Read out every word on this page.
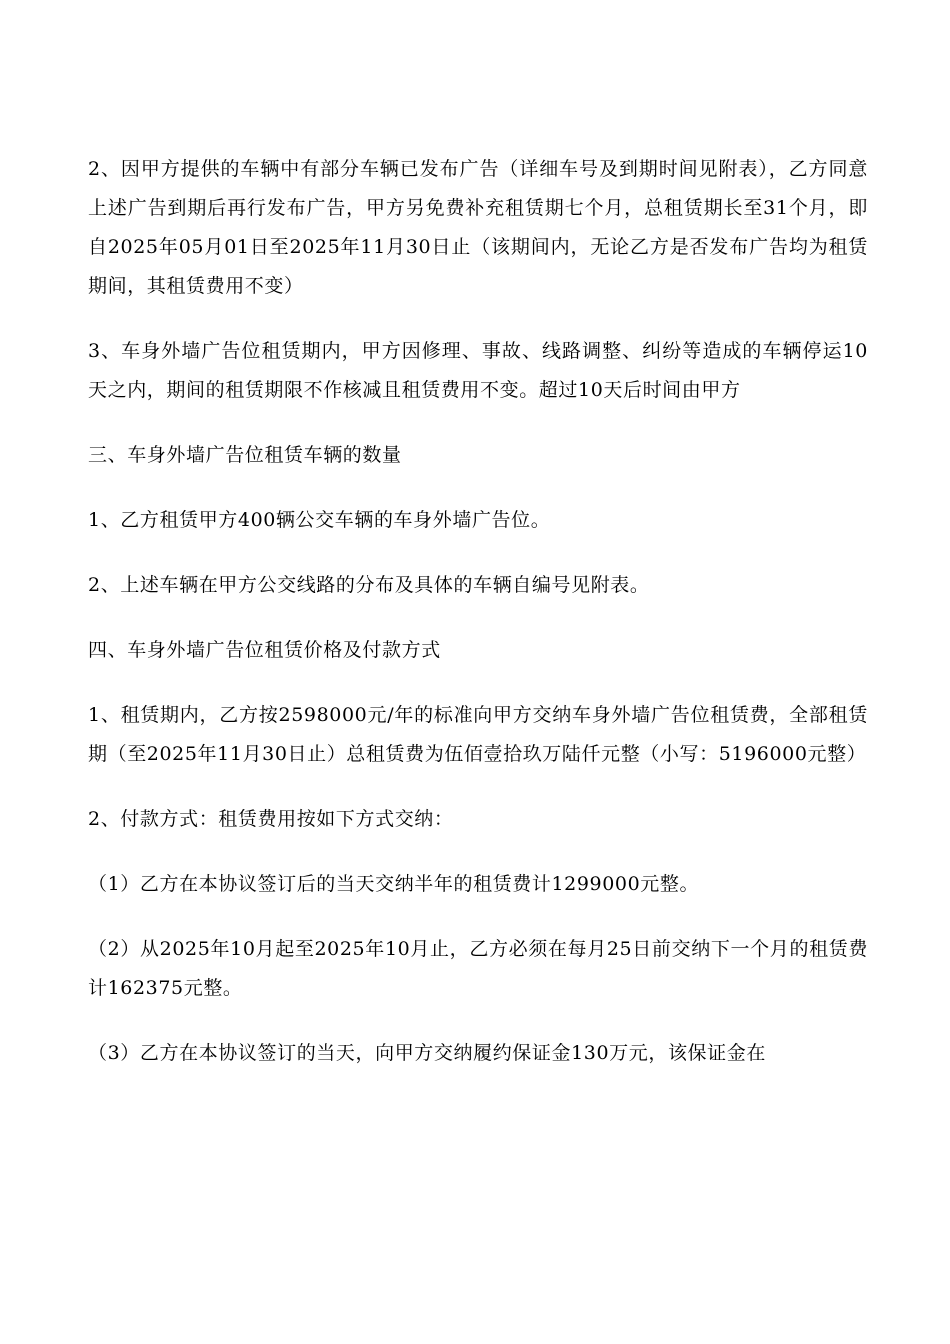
2、因甲方提供的车辆中有部分车辆已发布广告（详细车号及到期时间见附表），乙方同意上述广告到期后再行发布广告，甲方另免费补充租赁期七个月，总租赁期长至31个月，即自2025年05月01日至2025年11月30日止（该期间内，无论乙方是否发布广告均为租赁期间，其租赁费用不变）

3、车身外墙广告位租赁期内，甲方因修理、事故、线路调整、纠纷等造成的车辆停运10天之内，期间的租赁期限不作核减且租赁费用不变。超过10天后时间由甲方

三、车身外墙广告位租赁车辆的数量

1、乙方租赁甲方400辆公交车辆的车身外墙广告位。

2、上述车辆在甲方公交线路的分布及具体的车辆自编号见附表。

四、车身外墙广告位租赁价格及付款方式

1、租赁期内，乙方按2598000元/年的标准向甲方交纳车身外墙广告位租赁费，全部租赁期（至2025年11月30日止）总租赁费为伍佰壹拾玖万陆仟元整（小写：5196000元整）

2、付款方式：租赁费用按如下方式交纳：

（1）乙方在本协议签订后的当天交纳半年的租赁费计1299000元整。

（2）从2025年10月起至2025年10月止，乙方必须在每月25日前交纳下一个月的租赁费计162375元整。

（3）乙方在本协议签订的当天，向甲方交纳履约保证金130万元，该保证金在
